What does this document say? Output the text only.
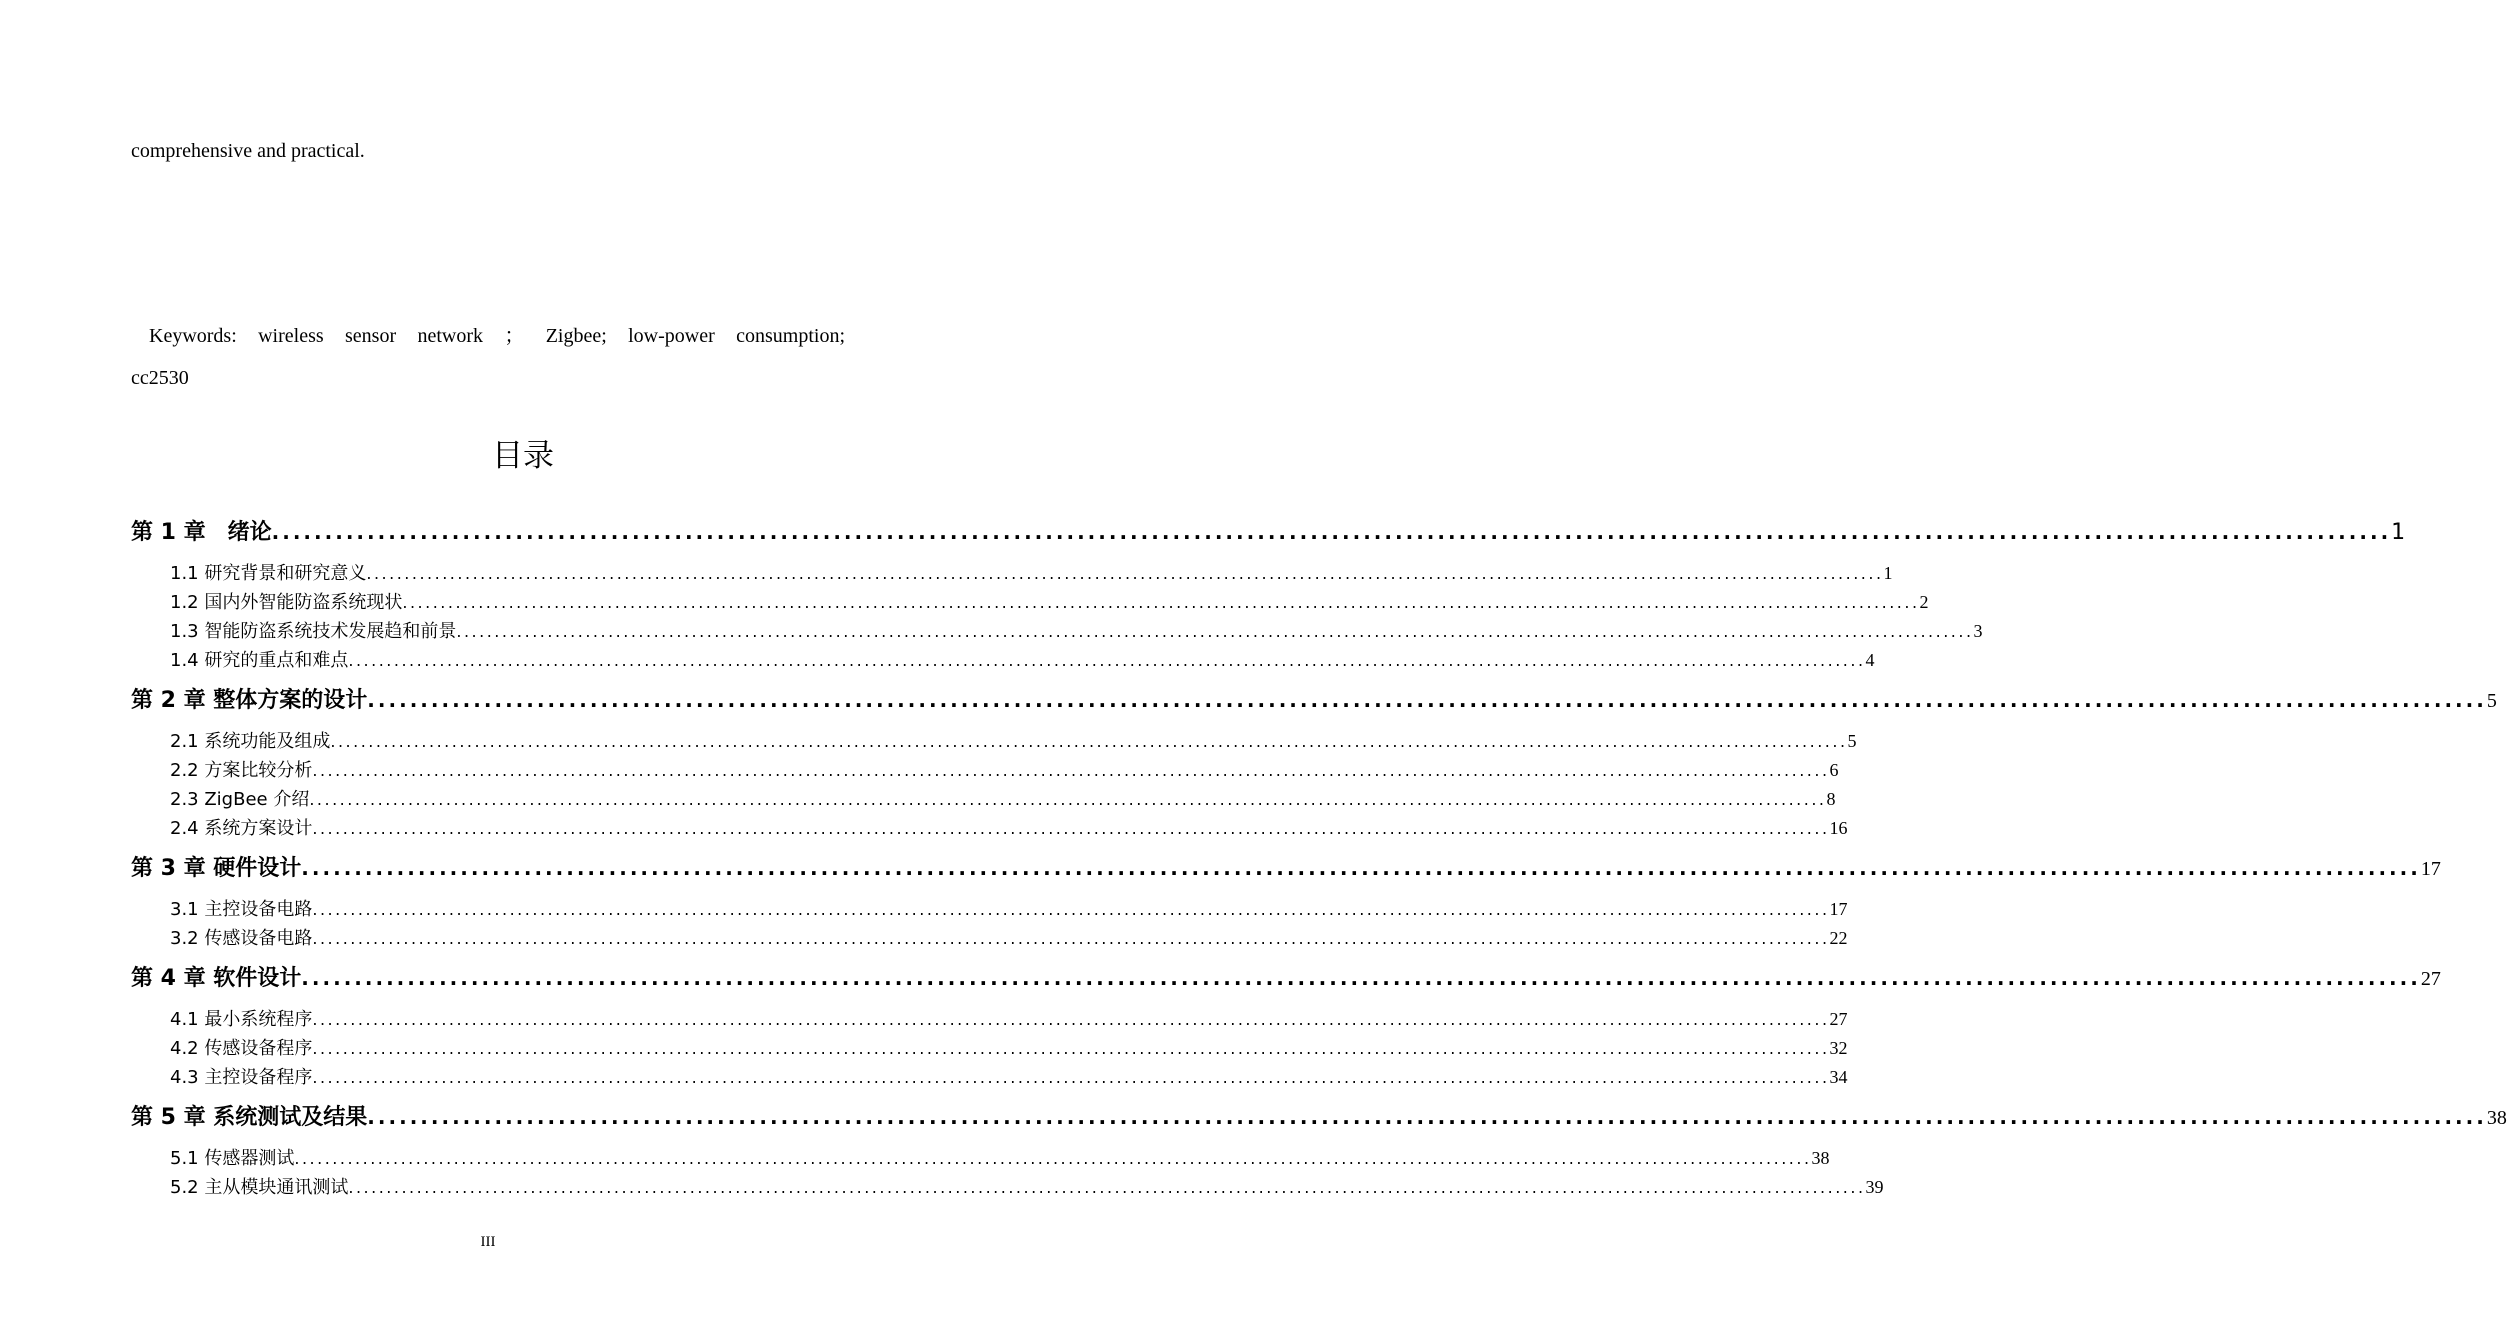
comprehensive and practical.
Keywords: wireless sensor network ； Zigbee; low-power consumption;
cc2530
目录
第 1 章　绪论 ........................................................................................................................................................................................................ 1
1.1 研究背景和研究意义 ........................................................................................................................................................................................................ 1
1.2 国内外智能防盗系统现状 ........................................................................................................................................................................................................ 2
1.3 智能防盗系统技术发展趋和前景 ........................................................................................................................................................................................................ 3
1.4 研究的重点和难点 ........................................................................................................................................................................................................ 4
第 2 章 整体方案的设计 ........................................................................................................................................................................................................ 5
2.1 系统功能及组成 ........................................................................................................................................................................................................ 5
2.2 方案比较分析 ........................................................................................................................................................................................................ 6
2.3 ZigBee 介绍 ........................................................................................................................................................................................................ 8
2.4 系统方案设计 ........................................................................................................................................................................................................ 16
第 3 章 硬件设计 ........................................................................................................................................................................................................ 17
3.1 主控设备电路 ........................................................................................................................................................................................................ 17
3.2 传感设备电路 ........................................................................................................................................................................................................ 22
第 4 章 软件设计 ........................................................................................................................................................................................................ 27
4.1 最小系统程序 ........................................................................................................................................................................................................ 27
4.2 传感设备程序 ........................................................................................................................................................................................................ 32
4.3 主控设备程序 ........................................................................................................................................................................................................ 34
第 5 章 系统测试及结果 ........................................................................................................................................................................................................ 38
5.1 传感器测试 ........................................................................................................................................................................................................ 38
5.2 主从模块通讯测试 ........................................................................................................................................................................................................ 39
III
